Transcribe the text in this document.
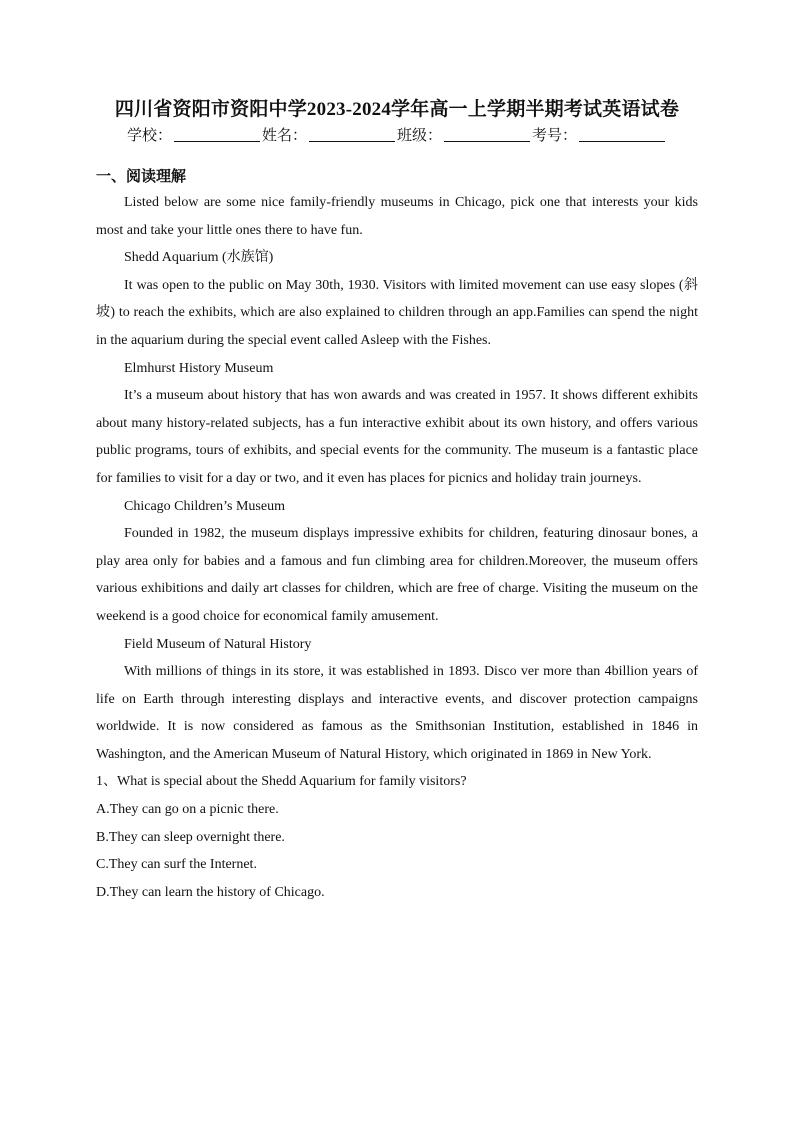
四川省资阳市资阳中学2023-2024学年高一上学期半期考试英语试卷
学校：	姓名：	班级：	考号：
一、阅读理解

Listed below are some nice family-friendly museums in Chicago, pick one that interests your kids most and take your little ones there to have fun.

Shedd Aquarium (水族馆)

It was open to the public on May 30th, 1930. Visitors with limited movement can use easy slopes (斜坡) to reach the exhibits, which are also explained to children through an app.Families can spend the night in the aquarium during the special event called Asleep with the Fishes.

Elmhurst History Museum

It’s a museum about history that has won awards and was created in 1957. It shows different exhibits about many history-related subjects, has a fun interactive exhibit about its own history, and offers various public programs, tours of exhibits, and special events for the community. The museum is a fantastic place for families to visit for a day or two, and it even has places for picnics and holiday train journeys.

Chicago Children’s Museum

Founded in 1982, the museum displays impressive exhibits for children, featuring dinosaur bones, a play area only for babies and a famous and fun climbing area for children.Moreover, the museum offers various exhibitions and daily art classes for children, which are free of charge. Visiting the museum on the weekend is a good choice for economical family amusement.

Field Museum of Natural History

With millions of things in its store, it was established in 1893. Disco ver more than 4billion years of life on Earth through interesting displays and interactive events, and discover protection campaigns worldwide. It is now considered as famous as the Smithsonian Institution, established in 1846 in Washington, and the American Museum of Natural History, which originated in 1869 in New York.

1、What is special about the Shedd Aquarium for family visitors?

A.They can go on a picnic there.

B.They can sleep overnight there.

C.They can surf the Internet.

D.They can learn the history of Chicago.
